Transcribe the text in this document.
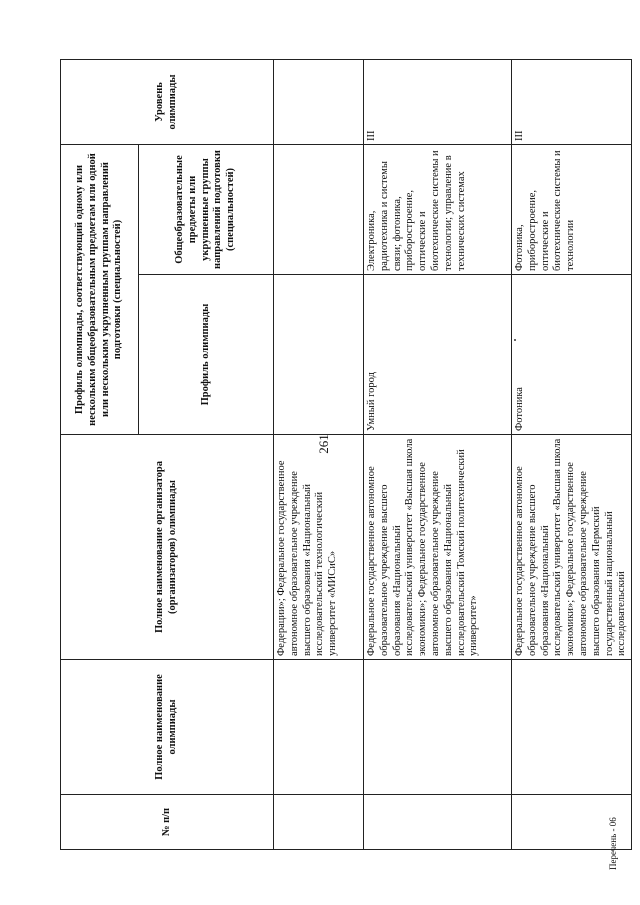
261
№ п/п	Полное наименование олимпиады	Полное наименование организатора (организаторов) олимпиады	Профиль олимпиады, соответствующий одному или нескольким общеобразовательным предметам или одной или нескольким укрупненным группам направлений подготовки (специальностей)		Уровень олимпиады
			Профиль олимпиады	Общеобразовательные предметы или укрупненные группы направлений подготовки (специальностей)	
		Федерации»; Федеральное государственное автономное образовательное учреждение высшего образования «Национальный исследовательский технологический университет «МИСиС»			
		Федеральное государственное автономное образовательное учреждение высшего образования «Национальный исследовательский университет «Высшая школа экономики»; Федеральное государственное автономное образовательное учреждение высшего образования «Национальный исследовательский Томский политехнический университет»	Умный город	Электроника, радиотехника и системы связи; фотоника, приборостроение, оптические и биотехнические системы и технологии; управление в технических системах	III
		Федеральное государственное автономное образовательное учреждение высшего образования «Национальный исследовательский университет «Высшая школа экономики»; Федеральное государственное автономное образовательное учреждение высшего образования «Пермский государственный национальный исследовательский	Фотоника	Фотоника, приборостроение, оптические и биотехнические системы и технологии	III
Перечень - 06
